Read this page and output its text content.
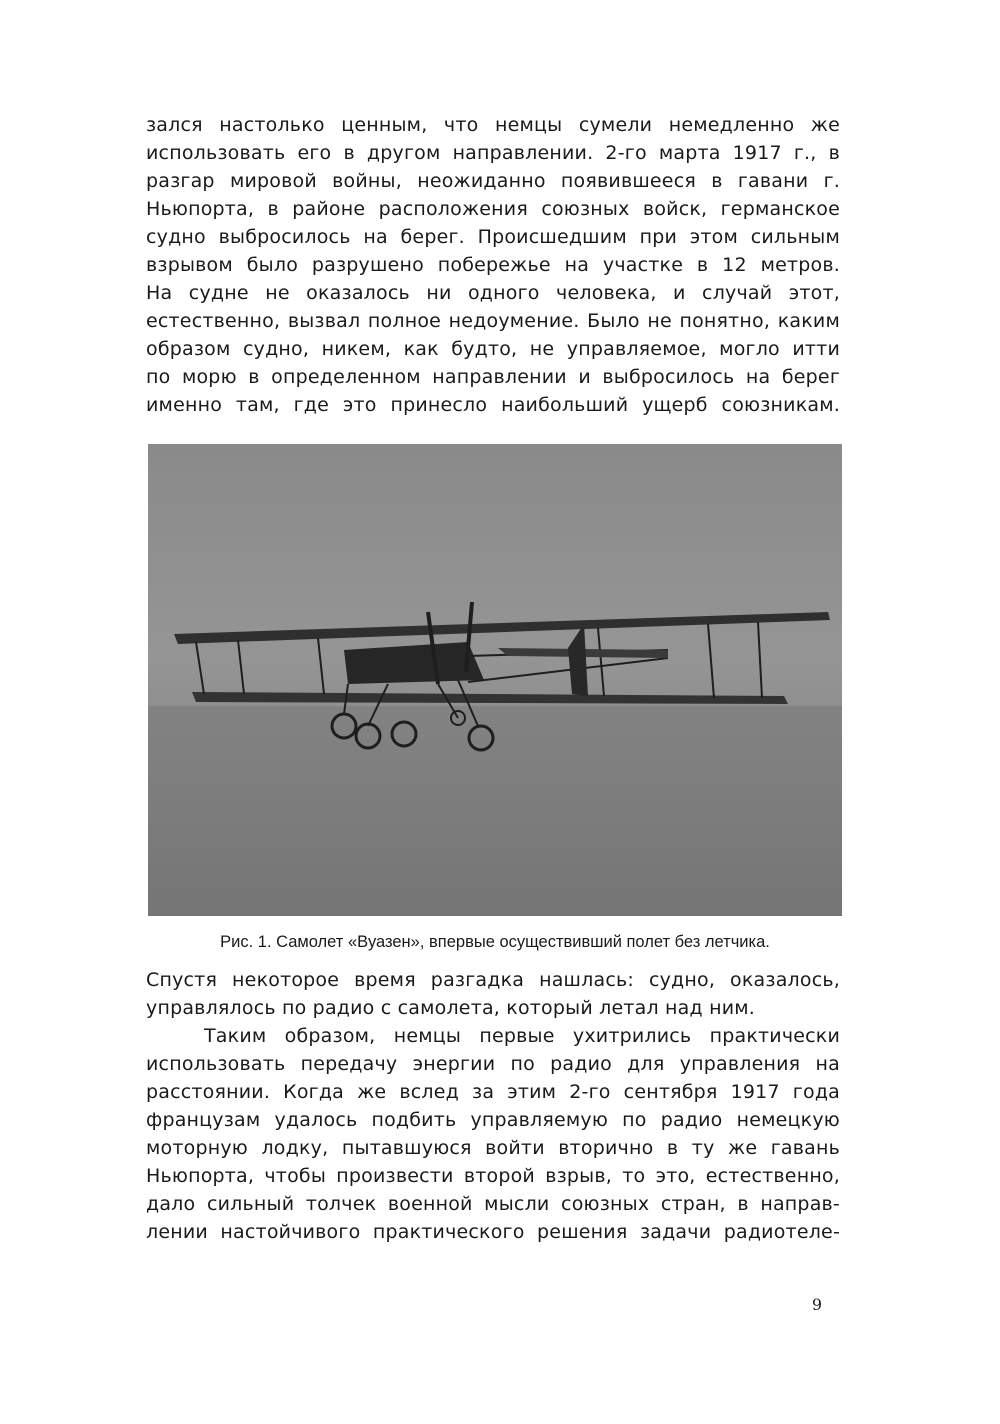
зался настолько ценным, что немцы сумели немедленно же
использовать его в другом направлении. 2-го марта 1917 г., в
разгар мировой войны, неожиданно появившееся в гавани г.
Ньюпорта, в районе расположения союзных войск, германское
судно выбросилось на берег. Происшедшим при этом сильным
взрывом было разрушено побережье на участке в 12 метров.
На судне не оказалось ни одного человека, и случай этот,
естественно, вызвал полное недоумение. Было не понятно, каким
образом судно, никем, как будто, не управляемое, могло итти
по морю в определенном направлении и выбросилось на берег
именно там, где это принесло наибольший ущерб союзникам.
Рис. 1. Самолет «Вуазен», впервые осуществивший полет без летчика.
Спустя некоторое время разгадка нашлась: судно, оказалось,
управлялось по радио с самолета, который летал над ним.
Таким образом, немцы первые ухитрились практически
использовать передачу энергии по радио для управления на
расстоянии. Когда же вслед за этим 2-го сентября 1917 года
французам удалось подбить управляемую по радио немецкую
моторную лодку, пытавшуюся войти вторично в ту же гавань
Ньюпорта, чтобы произвести второй взрыв, то это, естественно,
дало сильный толчек военной мысли союзных стран, в направ-
лении настойчивого практического решения задачи радиотеле-
9
